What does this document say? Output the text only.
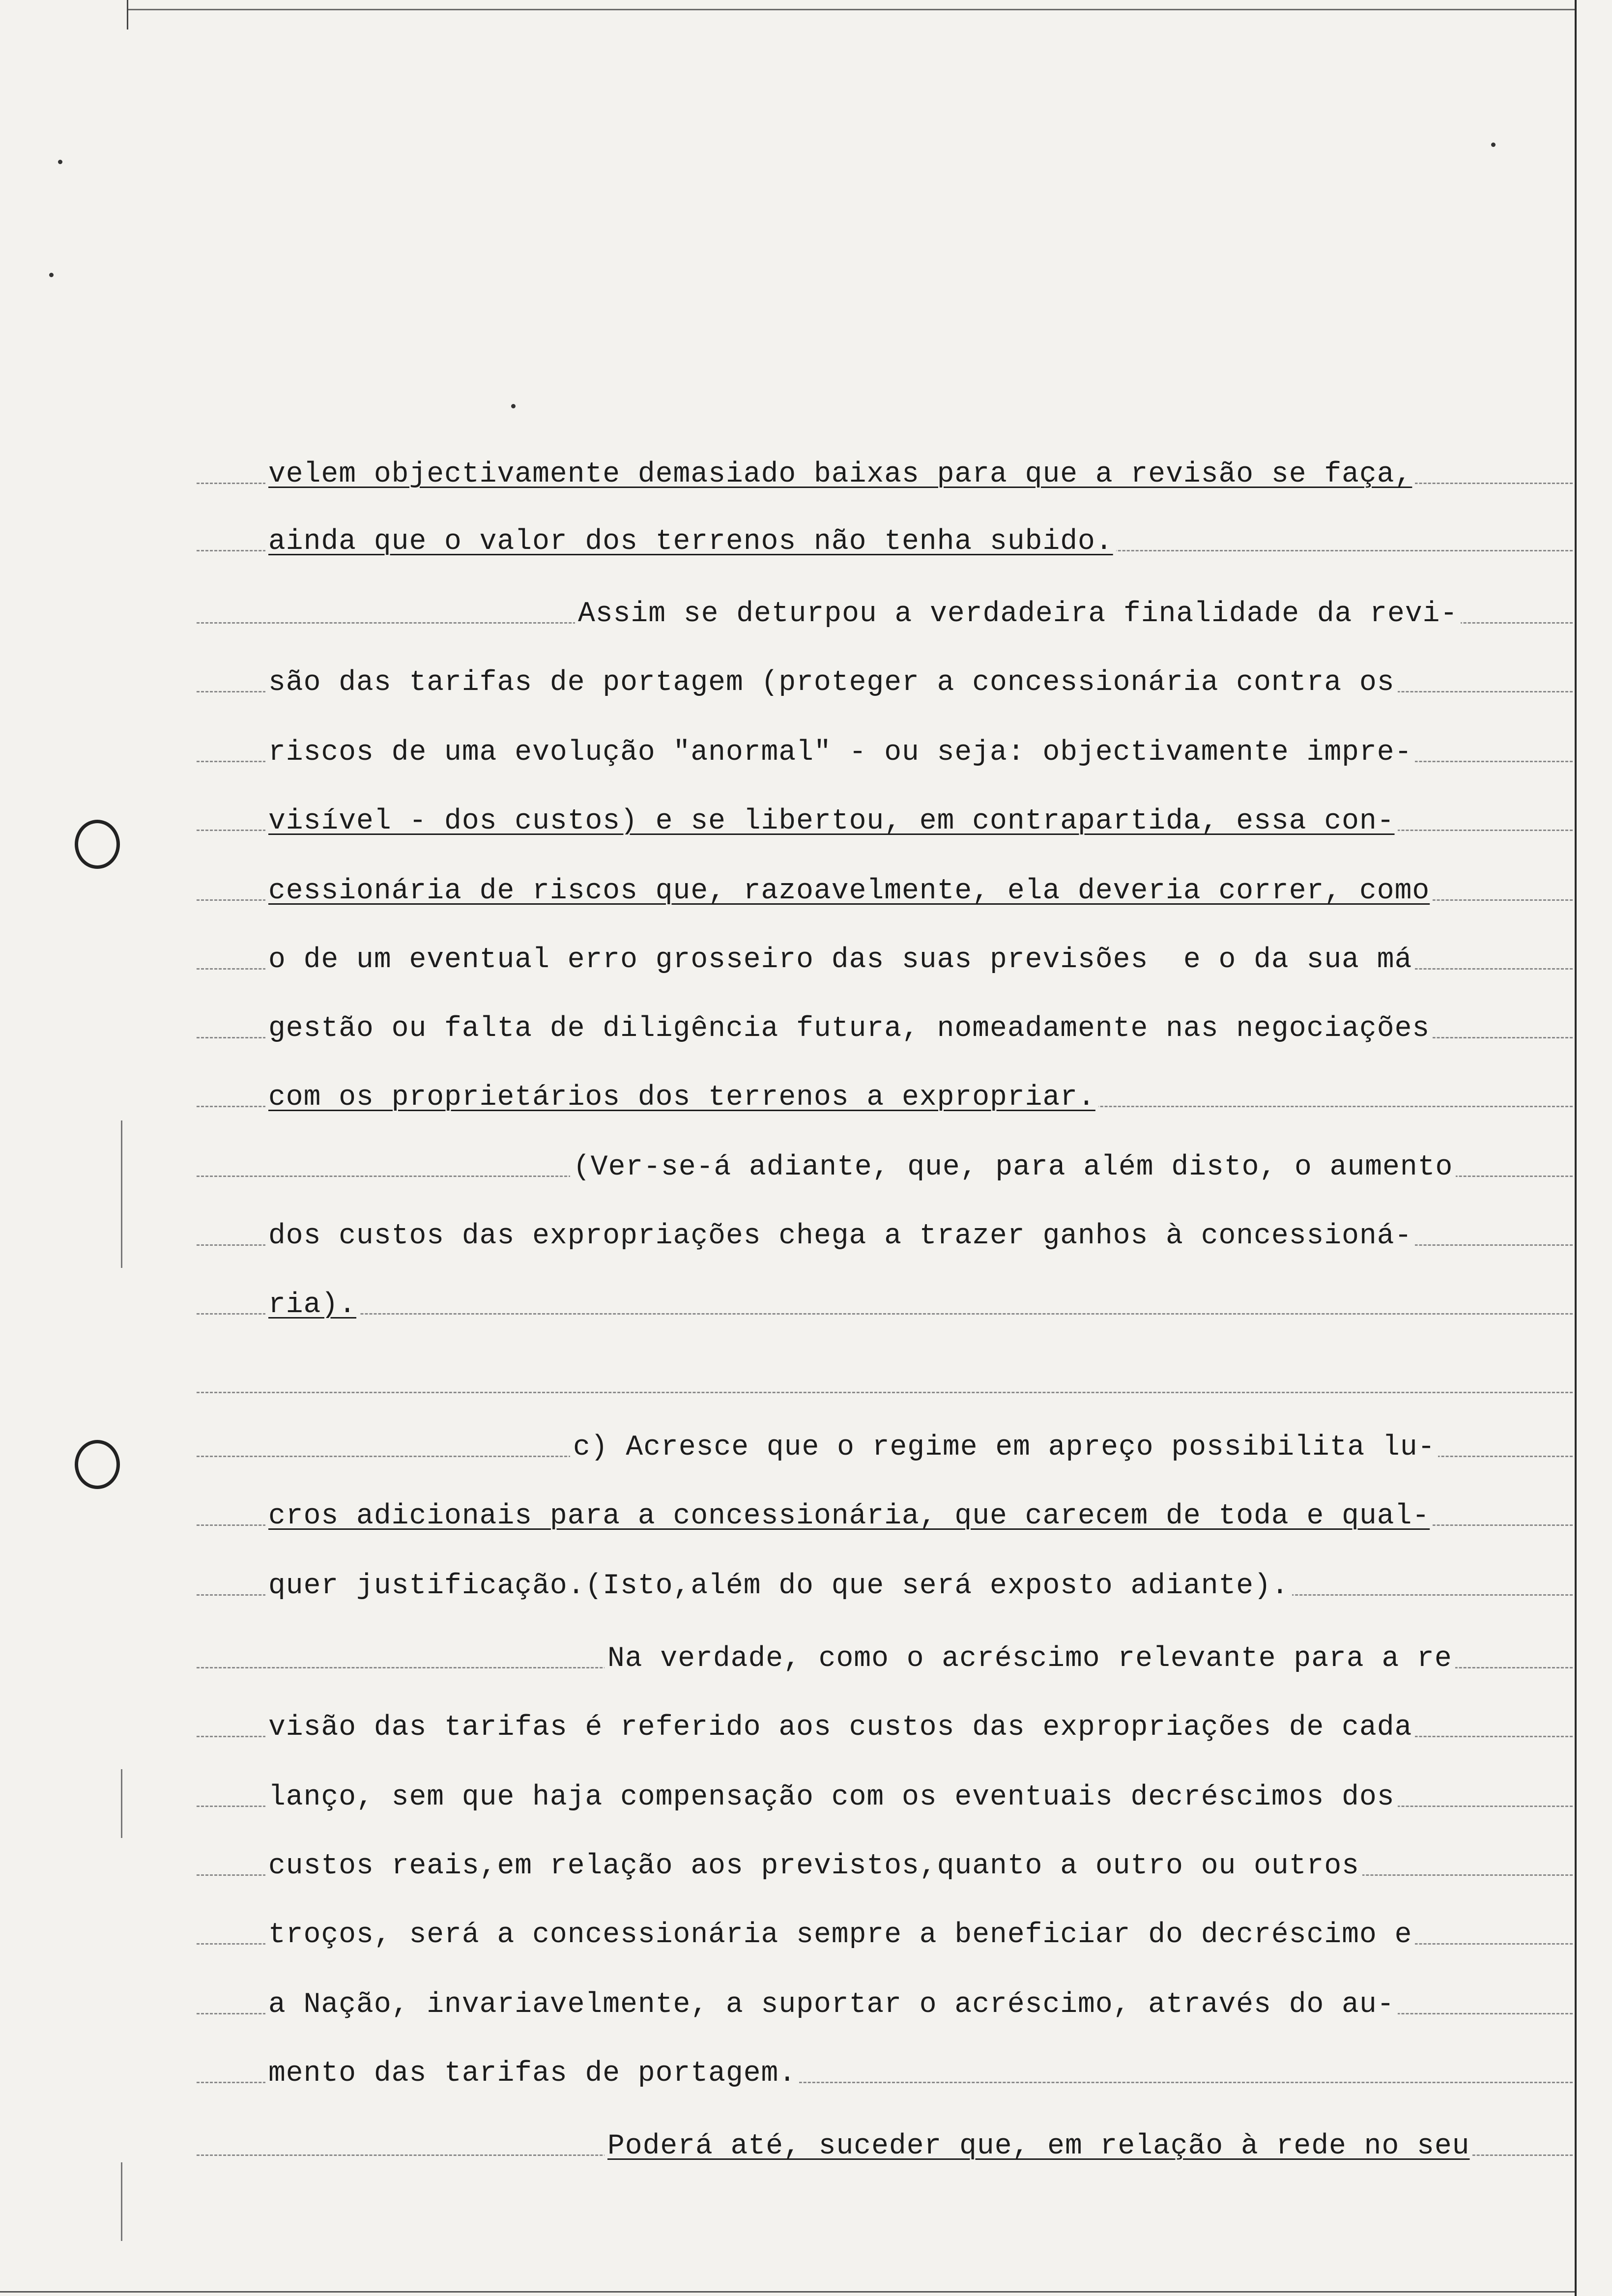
velem objectivamente demasiado baixas para que a revisão se faça,

ainda que o valor dos terrenos não tenha subido.

Assim se deturpou a verdadeira finalidade da revi-

são das tarifas de portagem (proteger a concessionária contra os

riscos de uma evolução "anormal" - ou seja: objectivamente impre-

visível - dos custos) e se libertou, em contrapartida, essa con-

cessionária de riscos que, razoavelmente, ela deveria correr, como

o de um eventual erro grosseiro das suas previsões  e o da sua má

gestão ou falta de diligência futura, nomeadamente nas negociações

com os proprietários dos terrenos a expropriar.

(Ver-se-á adiante, que, para além disto, o aumento

dos custos das expropriações chega a trazer ganhos à concessioná-

ria).

c) Acresce que o regime em apreço possibilita lu-

cros adicionais para a concessionária, que carecem de toda e qual-

quer justificação.(Isto,além do que será exposto adiante).

Na verdade, como o acréscimo relevante para a re

visão das tarifas é referido aos custos das expropriações de cada

lanço, sem que haja compensação com os eventuais decréscimos dos

custos reais,em relação aos previstos,quanto a outro ou outros

troços, será a concessionária sempre a beneficiar do decréscimo e

a Nação, invariavelmente, a suportar o acréscimo, através do au-

mento das tarifas de portagem.

Poderá até, suceder que, em relação à rede no seu
